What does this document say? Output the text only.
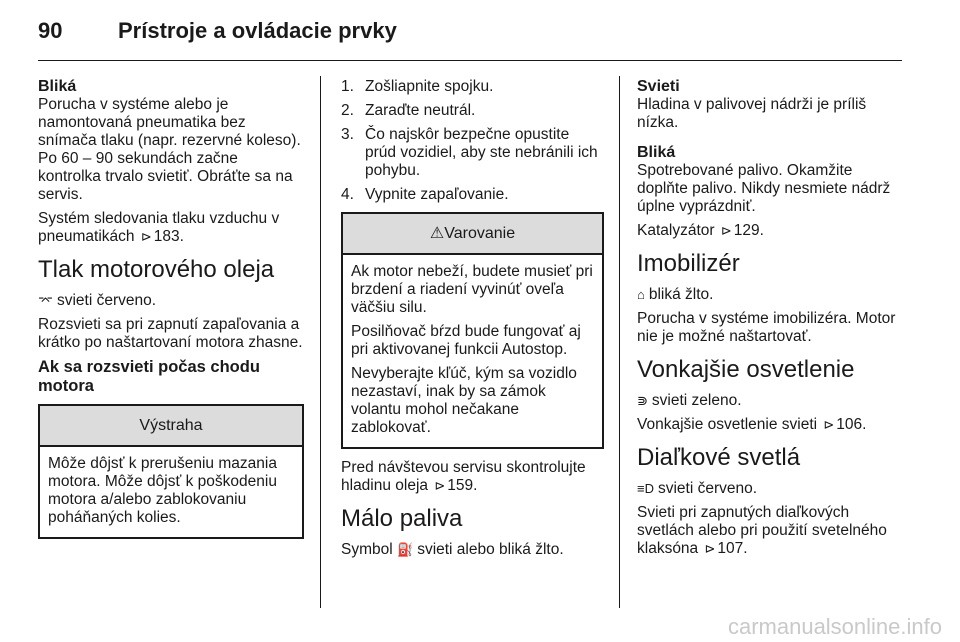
90	Prístroje a ovládacie prvky
Bliká

Porucha v systéme alebo je namontovaná pneumatika bez snímača tlaku (napr. rezervné koleso). Po 60 – 90 sekundách začne kontrolka trvalo svietiť. Obráťte sa na servis.

Systém sledovania tlaku vzduchu v pneumatikách ⊳ 183.

Tlak motorového oleja

⌤ svieti červeno.

Rozsvieti sa pri zapnutí zapaľovania a krátko po naštartovaní motora zhasne.

Ak sa rozsvieti počas chodu motora
Výstraha

Môže dôjsť k prerušeniu mazania motora. Môže dôjsť k poškodeniu motora a/alebo zablokovaniu poháňaných kolies.

1. Zošliapnite spojku.
2. Zaraďte neutrál.
3. Čo najskôr bezpečne opustite prúd vozidiel, aby ste nebránili ich pohybu.
4. Vypnite zapaľovanie.
⚠Varovanie

Ak motor nebeží, budete musieť pri brzdení a riadení vyvinúť oveľa väčšiu silu.

Posilňovač bŕzd bude fungovať aj pri aktivovanej funkcii Autostop.

Nevyberajte kľúč, kým sa vozidlo nezastaví, inak by sa zámok volantu mohol nečakane zablokovať.

Pred návštevou servisu skontrolujte hladinu oleja ⊳ 159.

Málo paliva

Symbol ⛽ svieti alebo bliká žlto.

Svieti

Hladina v palivovej nádrži je príliš nízka.

Bliká

Spotrebované palivo. Okamžite doplňte palivo. Nikdy nesmiete nádrž úplne vyprázdniť.

Katalyzátor ⊳ 129.

Imobilizér

⌂ bliká žlto.

Porucha v systéme imobilizéra. Motor nie je možné naštartovať.

Vonkajšie osvetlenie

⋑ svieti zeleno.

Vonkajšie osvetlenie svieti ⊳ 106.

Diaľkové svetlá

≡D svieti červeno.

Svieti pri zapnutých diaľkových svetlách alebo pri použití svetelného klaksóna ⊳ 107.

carmanualsonline.info
